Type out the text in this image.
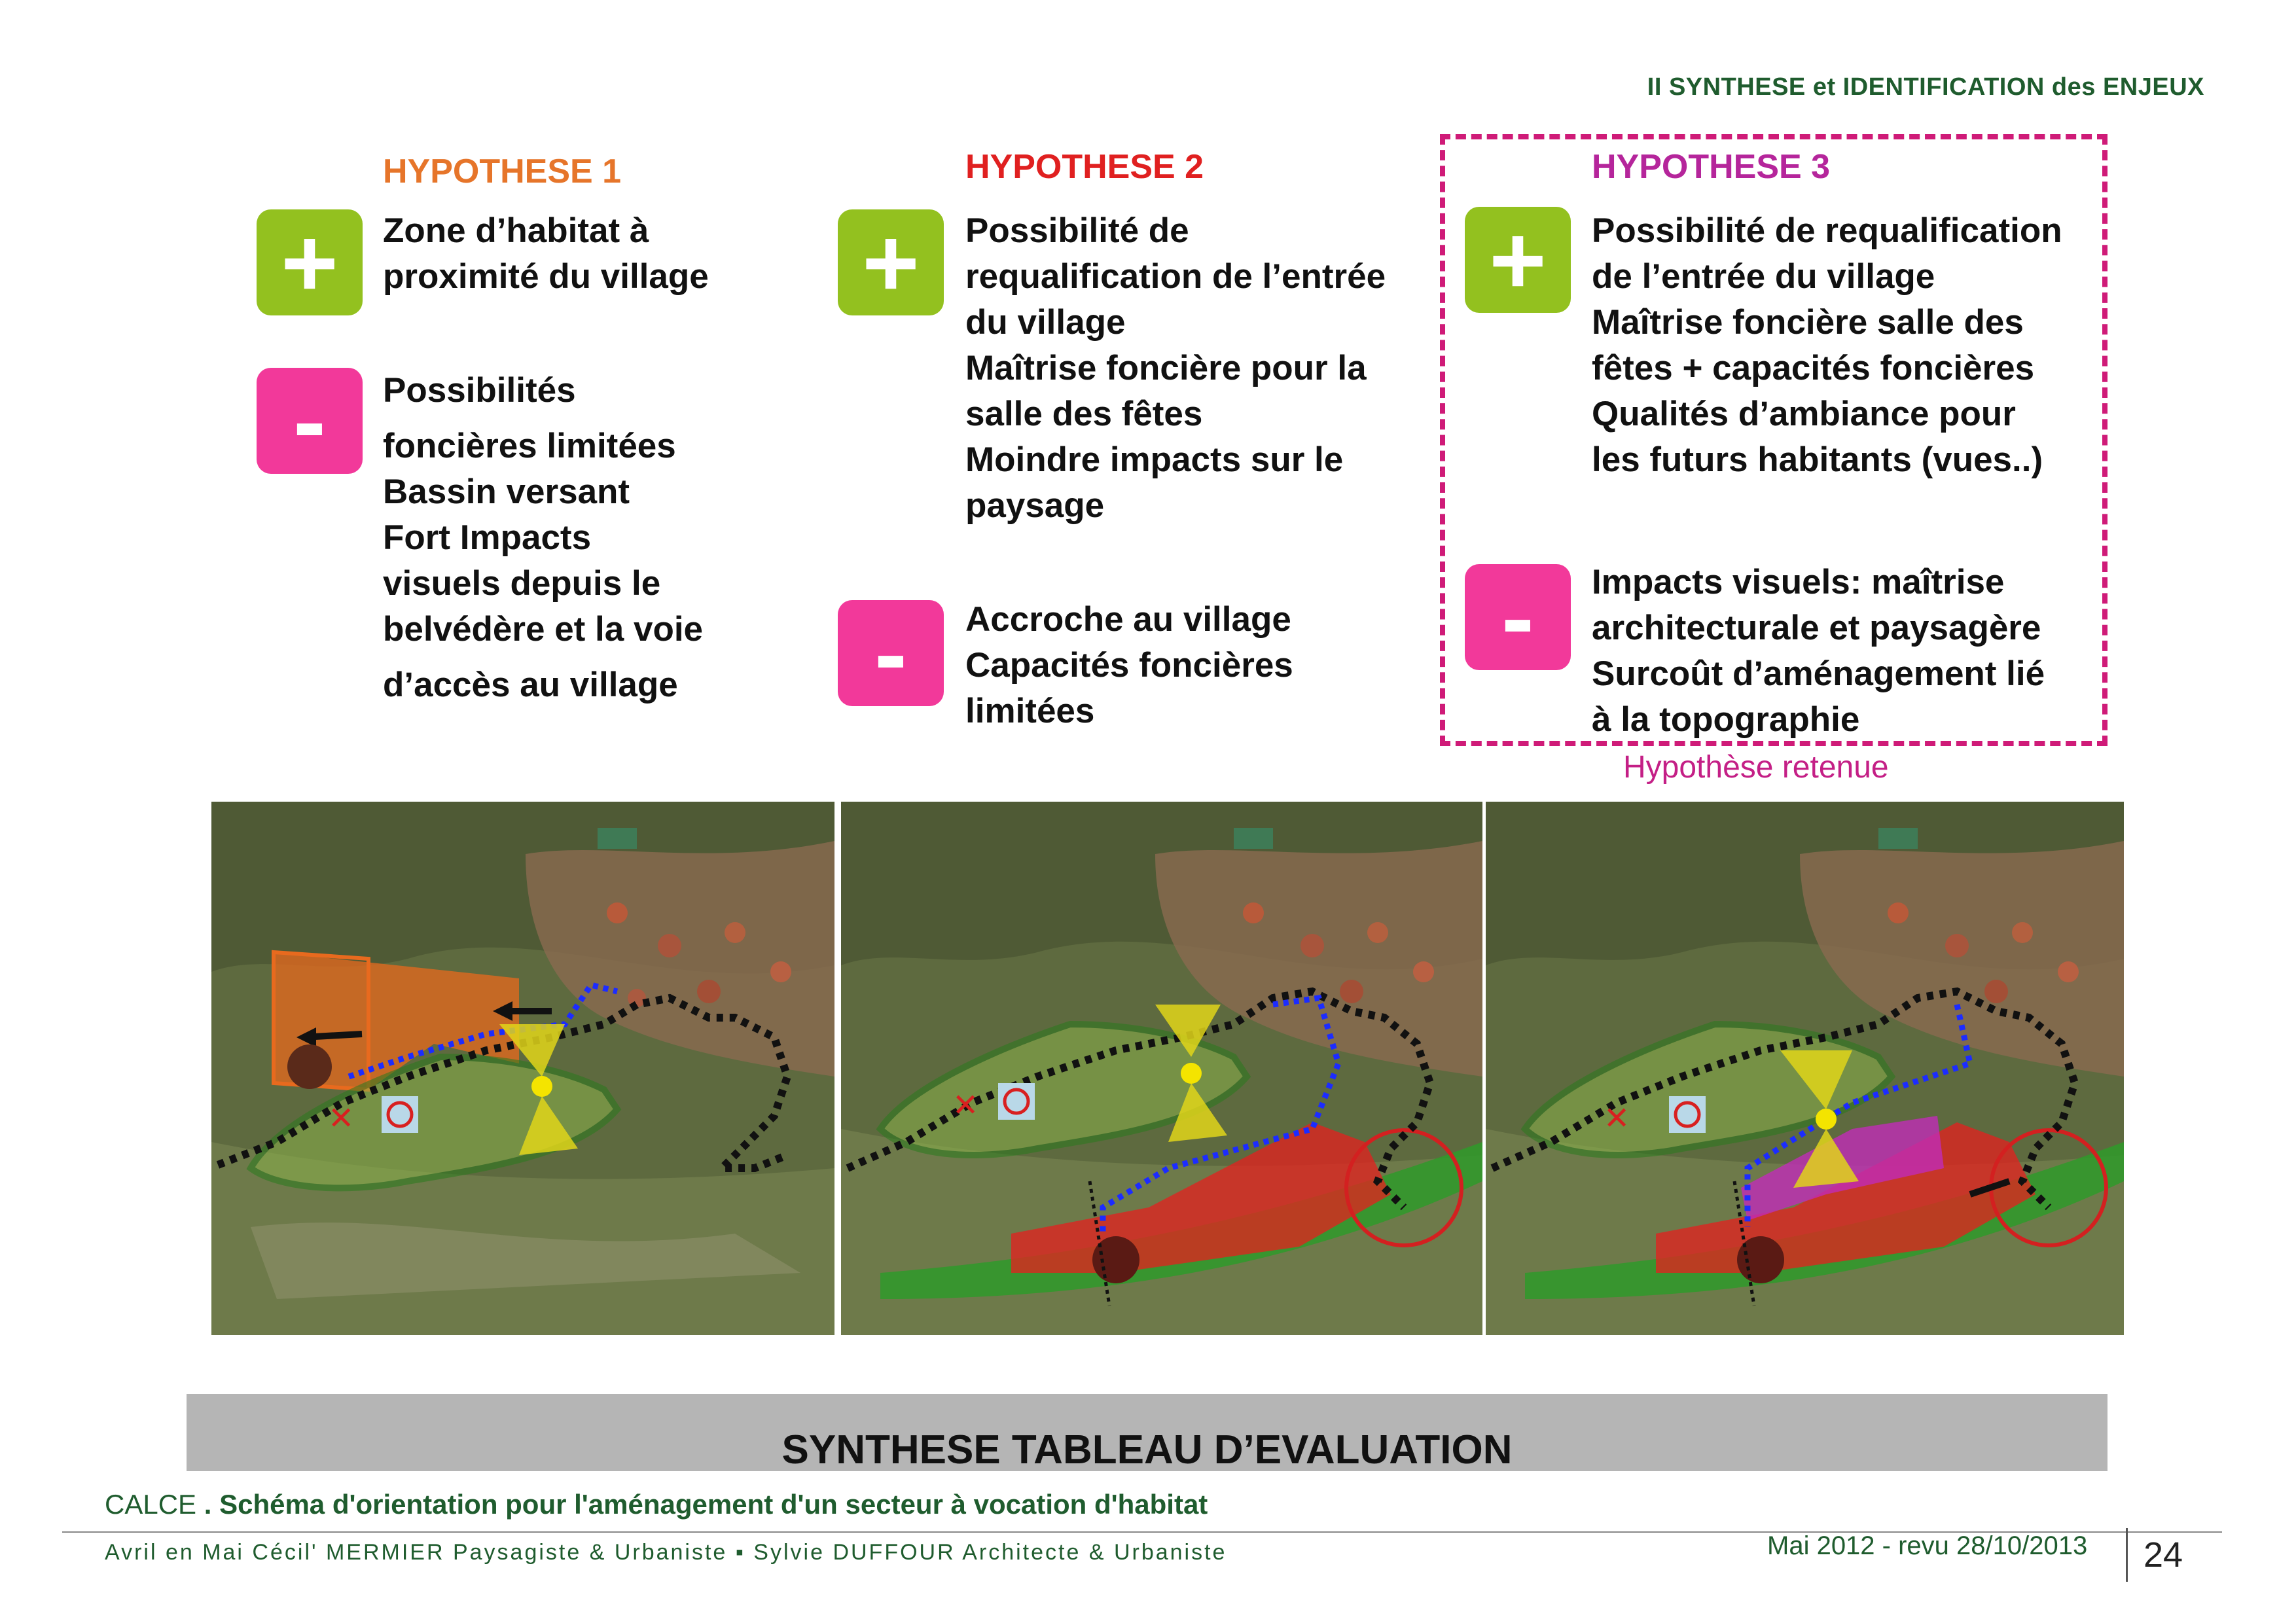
II SYNTHESE et IDENTIFICATION des ENJEUX
HYPOTHESE 1
+ Zone d’habitat à
proximité du village
- Possibilités
foncières limitées
Bassin versant
Fort Impacts
visuels depuis le
belvédère et la voie
d’accès au village
HYPOTHESE 2
+ Possibilité de
requalification de l’entrée
du village
Maîtrise foncière pour la
salle des fêtes
Moindre impacts sur le
paysage
- Accroche au village
Capacités foncières
limitées
HYPOTHESE 3
+ Possibilité de requalification
de l’entrée du village
Maîtrise foncière salle des
fêtes + capacités foncières
Qualités d’ambiance pour
les futurs habitants (vues..)
- Impacts visuels: maîtrise
architecturale et paysagère
Surcoût d’aménagement lié
à la topographie
Hypothèse retenue
✕	✕	✕
SYNTHESE TABLEAU D’EVALUATION
CALCE . Schéma d'orientation pour l'aménagement d'un secteur à vocation d'habitat
Avril en Mai Cécil' MERMIER Paysagiste & Urbaniste ▪ Sylvie DUFFOUR Architecte & Urbaniste	Mai 2012 - revu 28/10/2013 24
